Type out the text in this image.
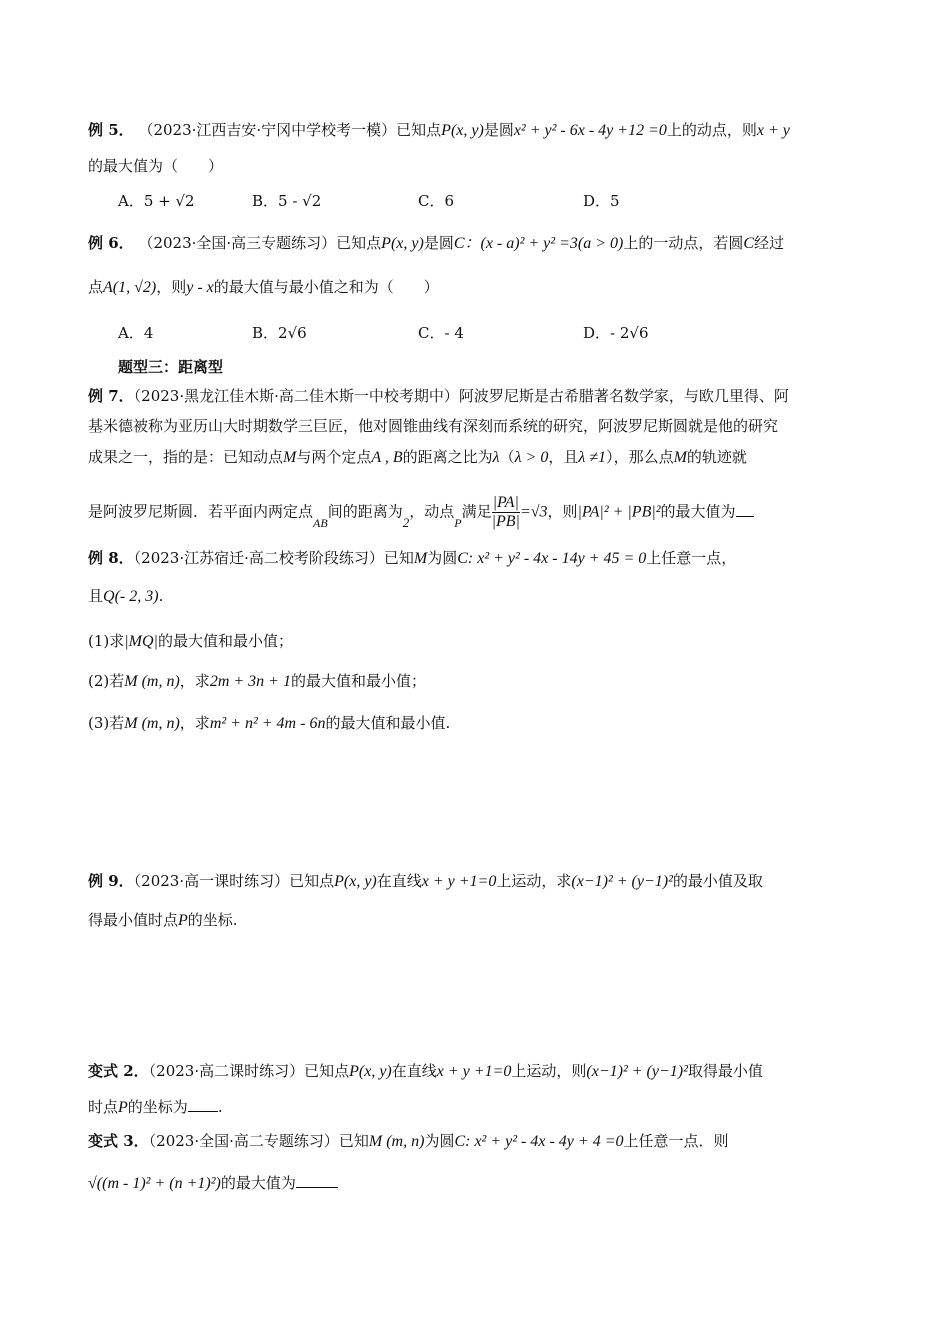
例 5． （2023·江西吉安·宁冈中学校考一模）已知点P(x, y)是圆x² + y² - 6x - 4y +12 =0上的动点，则x + y
的最大值为（　　）
A．5 + √2	B．5 - √2	C．6	D．5
例 6． （2023·全国·高三专题练习）已知点P(x, y)是圆C：(x - a)² + y² =3(a > 0)上的一动点，若圆C经过
点A(1, √2)，则y - x的最大值与最小值之和为（　　）
A．4	B．2√6	C．- 4	D．- 2√6
题型三：距离型
例 7．（2023·黑龙江佳木斯·高二佳木斯一中校考期中）阿波罗尼斯是古希腊著名数学家，与欧几里得、阿
基米德被称为亚历山大时期数学三巨匠，他对圆锥曲线有深刻而系统的研究，阿波罗尼斯圆就是他的研究
成果之一，指的是：已知动点M与两个定点A , B的距离之比为λ（λ > 0，且λ ≠1），那么点M的轨迹就
是阿波罗尼斯圆．若平面内两定点$_{AB}$间的距离为2，动点$_P$满足 $\frac{|PA|}{|PB|} =√3$，则|PA|² + |PB|²的最大值为
例 8．（2023·江苏宿迁·高二校考阶段练习）已知M为圆C: x² + y² - 4x - 14y + 45 = 0上任意一点，
且Q(- 2, 3).
(1)求|MQ|的最大值和最小值；
(2)若M (m, n)，求2m + 3n + 1的最大值和最小值；
(3)若M (m, n)，求m² + n² + 4m - 6n的最大值和最小值.
例 9．（2023·高一课时练习）已知点P(x, y)在直线x + y +1=0上运动，求(x−1)² + (y−1)²的最小值及取
得最小值时点P的坐标.
变式 2．（2023·高二课时练习）已知点P(x, y)在直线x + y +1=0上运动，则(x−1)² + (y−1)²取得最小值
时点P的坐标为 .
变式 3．（2023·全国·高二专题练习）已知M (m, n)为圆C: x² + y² - 4x - 4y + 4 =0上任意一点．则
√((m - 1)² + (n +1)²)的最大值为
